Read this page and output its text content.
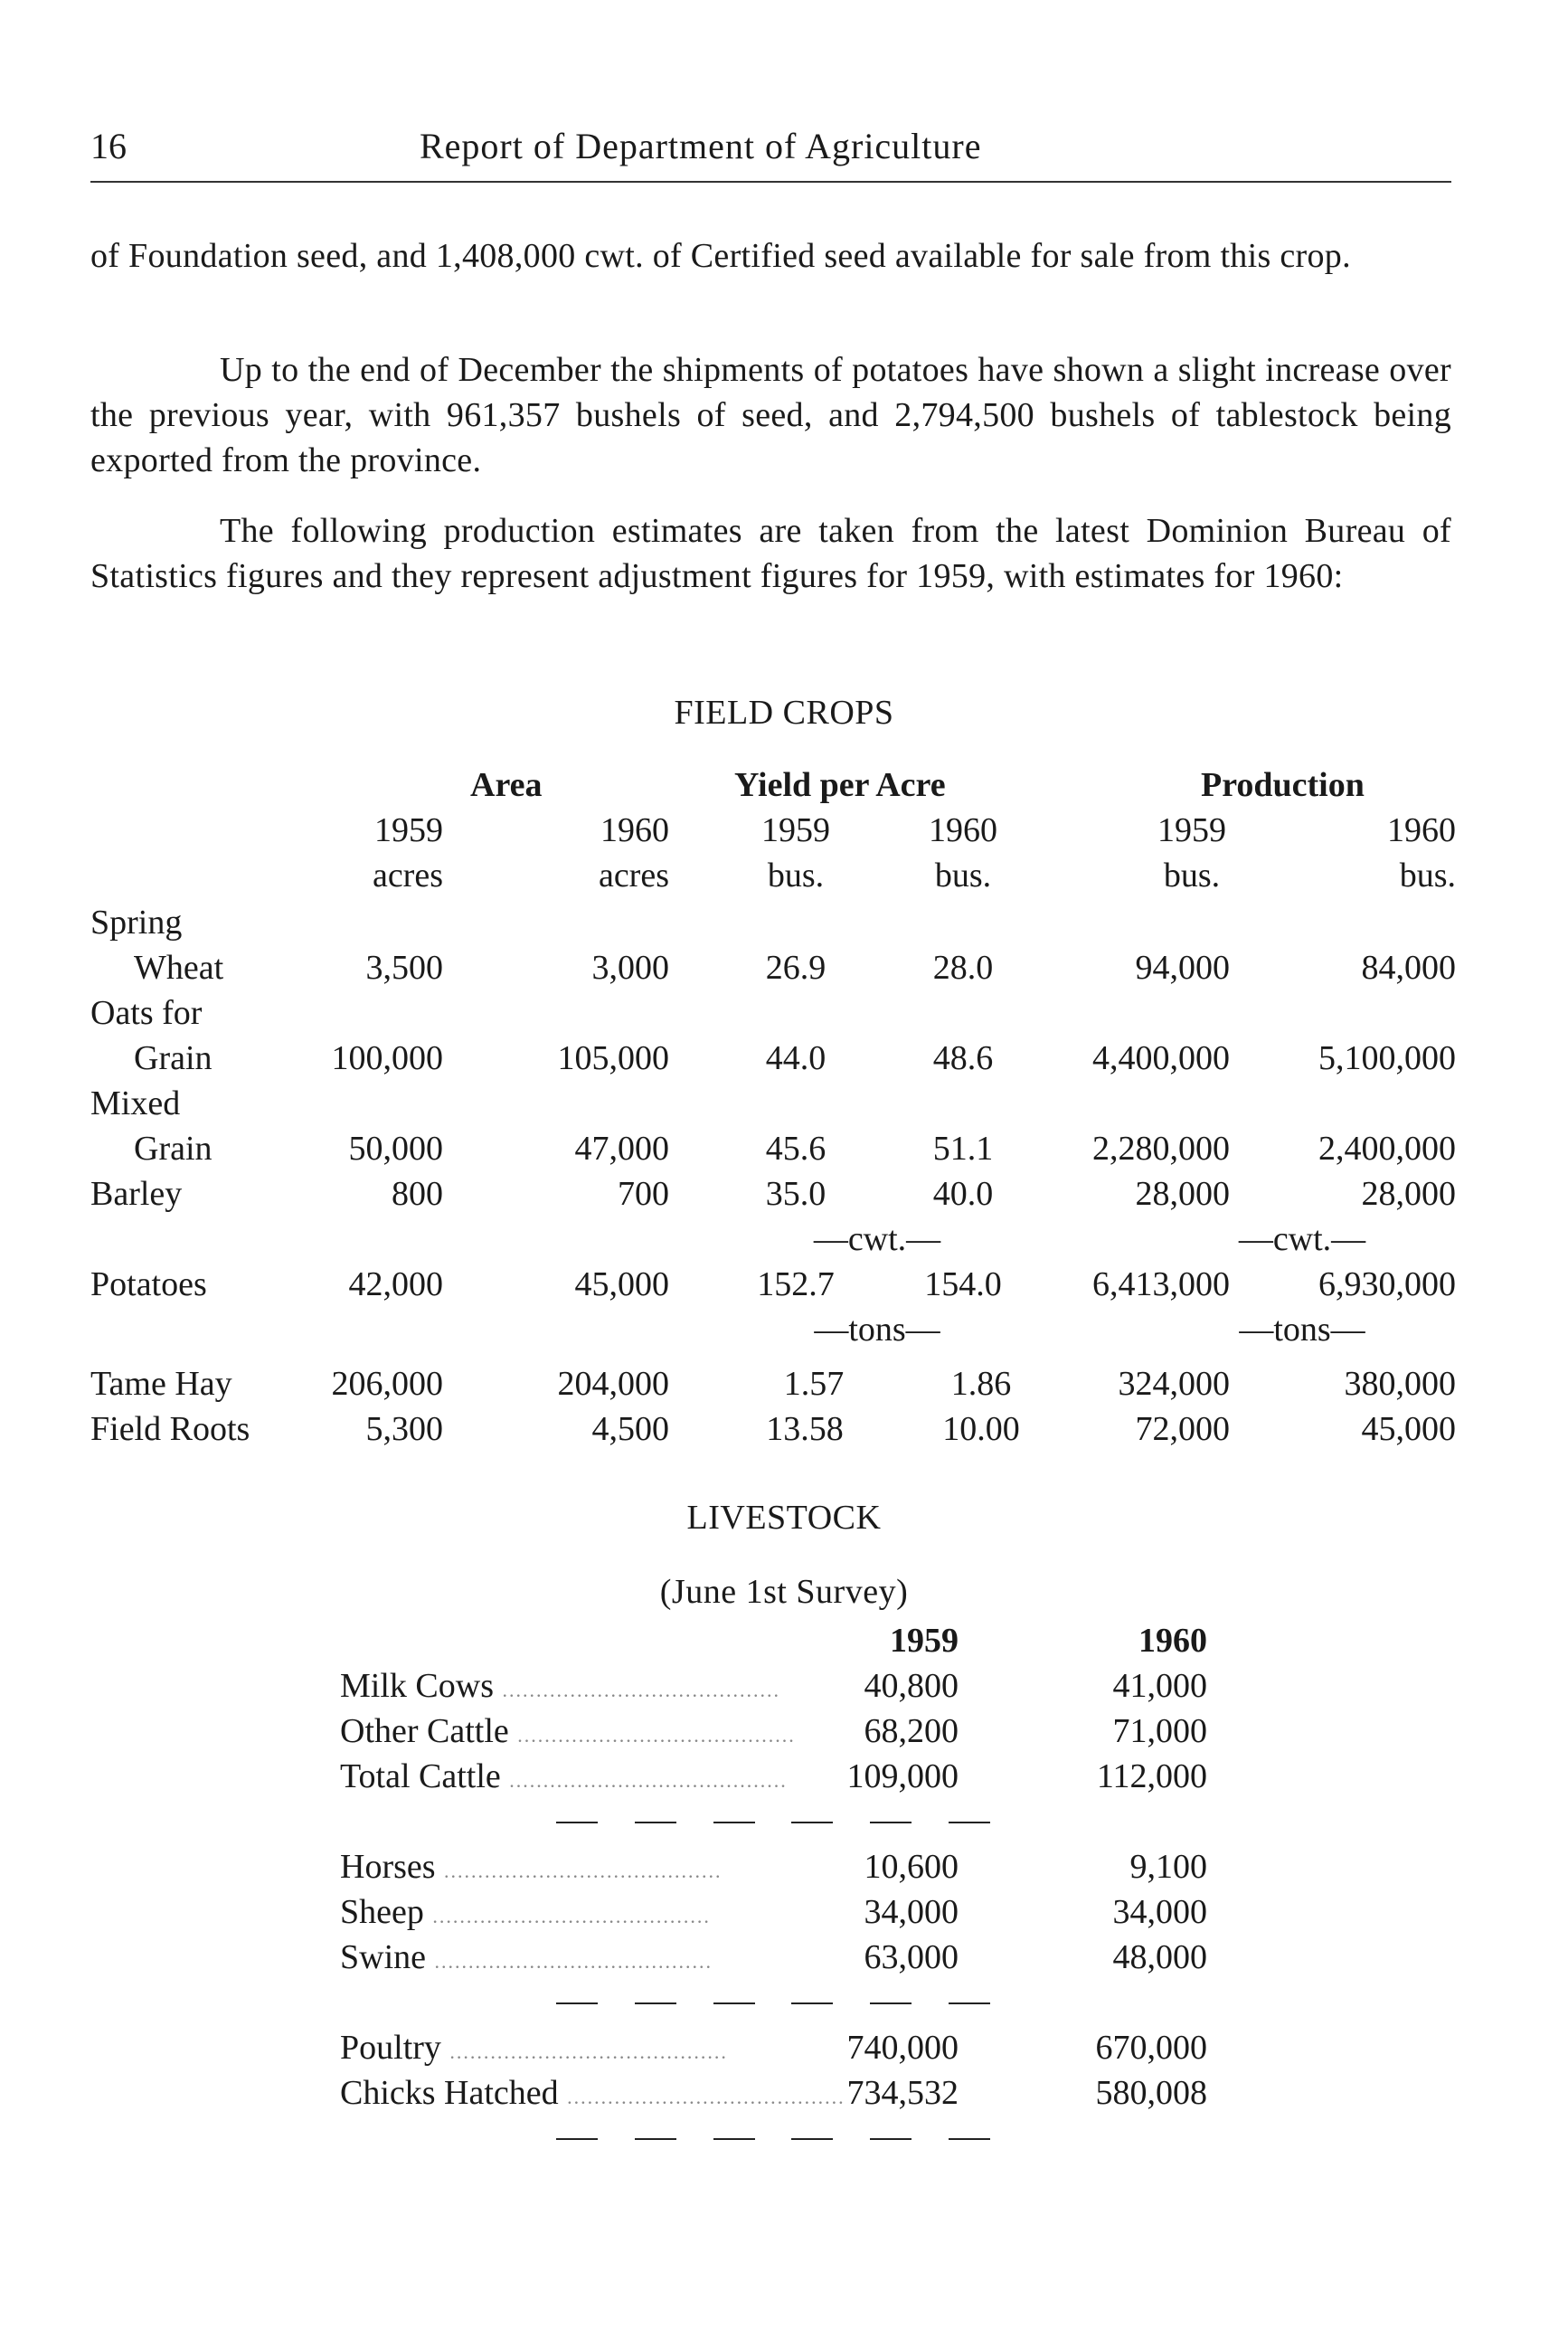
16	Report of Department of Agriculture
of Foundation seed, and 1,408,000 cwt. of Certified seed available for sale from this crop.
Up to the end of December the shipments of potatoes have shown a slight increase over the previous year, with 961,357 bushels of seed, and 2,794,500 bushels of tablestock being exported from the province.
The following production estimates are taken from the latest Dominion Bureau of Statistics figures and they represent adjustment figures for 1959, with estimates for 1960:
FIELD CROPS
Area	Yield per Acre	Production
1959	1960	1959	1960	1959	1960
acres	acres	bus.	bus.	bus.	bus.
Spring
Wheat	3,500	3,000	26.9	28.0	94,000	84,000
Oats for
Grain	100,000	105,000	44.0	48.6	4,400,000	5,100,000
Mixed
Grain	50,000	47,000	45.6	51.1	2,280,000	2,400,000
Barley	800	700	35.0	40.0	28,000	28,000
—cwt.—	—cwt.—
Potatoes	42,000	45,000	152.7	154.0	6,413,000	6,930,000
—tons—	—tons—
Tame Hay	206,000	204,000	1.57	1.86	324,000	380,000
Field Roots	5,300	4,500	13.58	10.00	72,000	45,000
LIVESTOCK
(June 1st Survey)
1959	1960
Milk Cows .........................................	40,800	41,000
Other Cattle .........................................	68,200	71,000
Total Cattle .........................................	109,000	112,000
Horses .........................................	10,600	9,100
Sheep .........................................	34,000	34,000
Swine .........................................	63,000	48,000
Poultry .........................................	740,000	670,000
Chicks Hatched ......................................... 734,532	580,008
